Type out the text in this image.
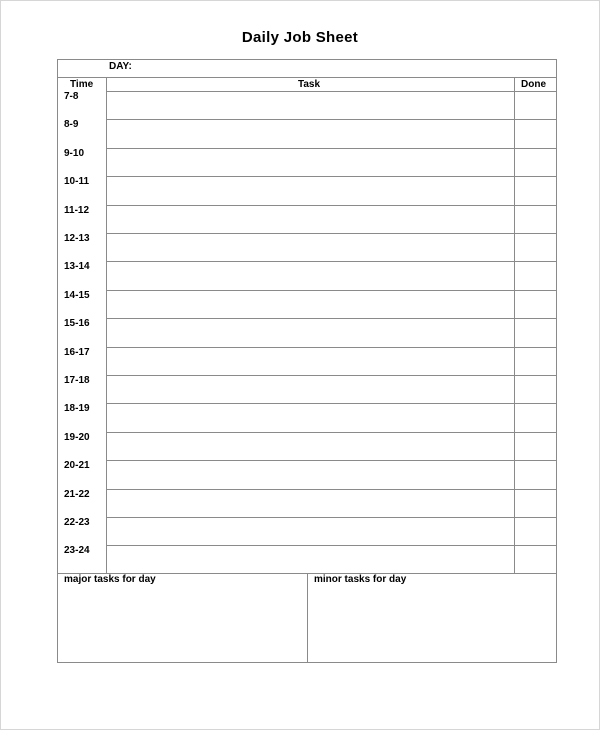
Daily Job Sheet
DAY:
Time	Task	Done
7-8
8-9
9-10
10-11
11-12
12-13
13-14
14-15
15-16
16-17
17-18
18-19
19-20
20-21
21-22
22-23
23-24
major tasks for day	minor tasks for day
